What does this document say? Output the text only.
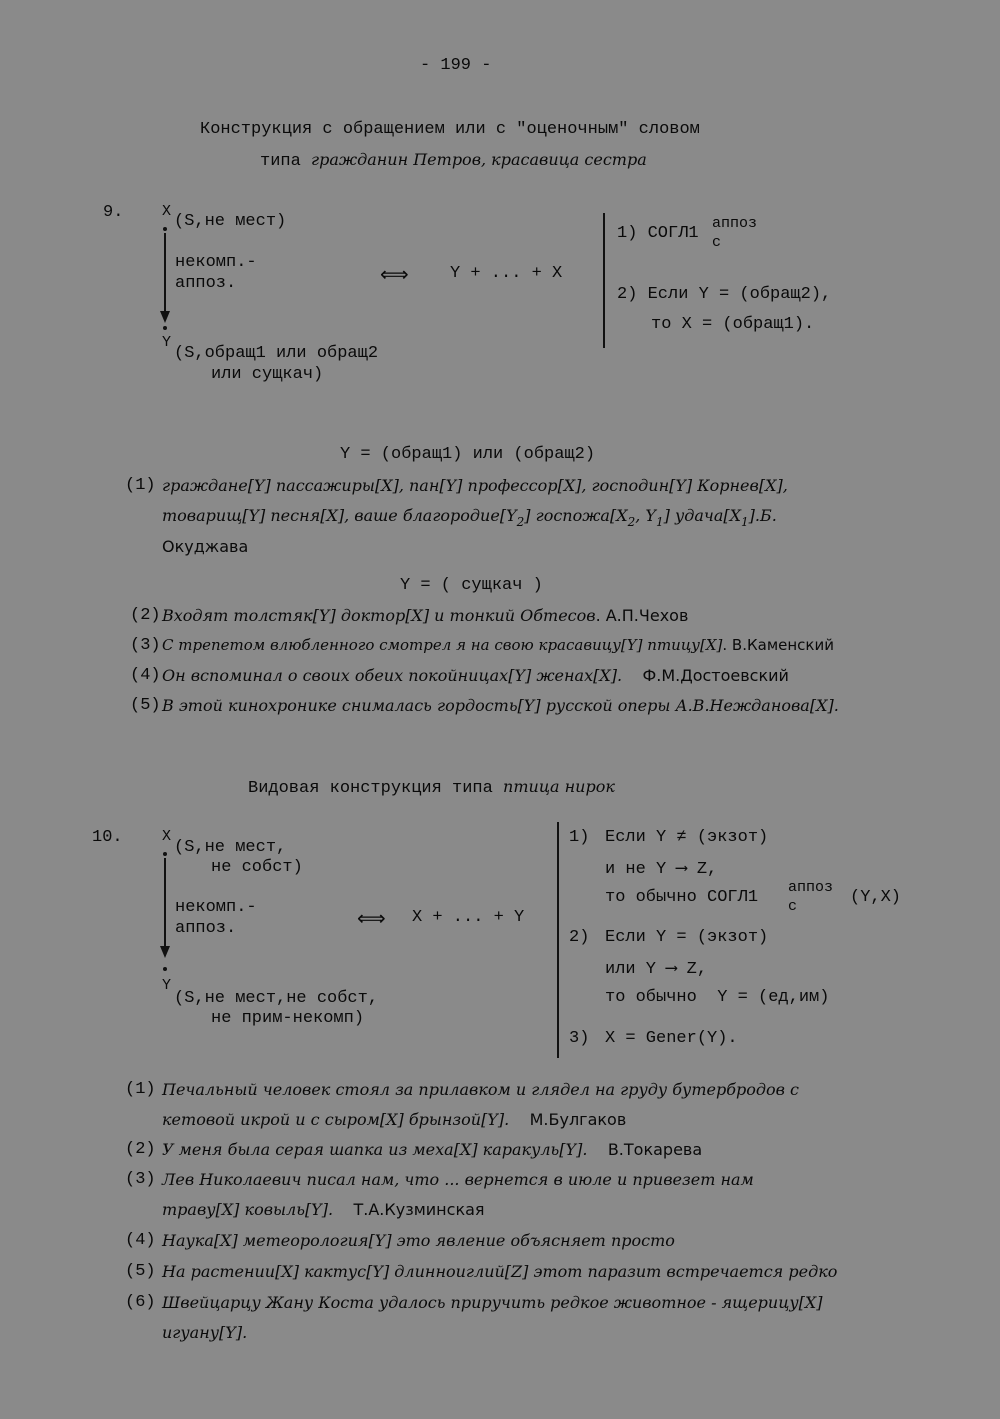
- 199 -
Конструкция с обращением или с "оценочным" словом
типа гражданин Петров, красавица сестра
9.	X
(S,не мест)
некомп.-
аппоз.
Y
(S,обращ1 или обращ2
или сущкач)
⟺ Y + ... + X
1) СОГЛ1
аппоз
с
2) Если Y = (обращ2),
то X = (обращ1).
Y = (обращ1) или (обращ2)
(1) граждане[Y] пассажиры[X], пан[Y] профессор[X], господин[Y] Корнев[X],
товарищ[Y] песня[X], ваше $благородие[Y_2]$ $госпожа[X_2$, $Y_1$] $удача[X_1].Б$.
Окуджава
Y = ( сущкач )
(2) Входят толстяк[Y] доктор[X] и тонкий Обтесов. А.П.Чехов
(3) С трепетом влюбленного смотрел я на свою красавицу[Y] птицу[X]. В.Каменский
(4) Он вспоминал о своих обеих покойницах[Y] женах[X]. Ф.М.Достоевский
(5) В этой кинохронике снималась гордость[Y] русской оперы А.В.Нежданова[X].
Видовая конструкция типа птица нирок
10.	X
(S,не мест,
не собст)
некомп.-
аппоз.
Y
(S,не мест,не собст,
не прим-некомп)
⟺ X + ... + Y
1) Если Y ≠ (экзот)
и не Y ⟶ Z,
то обычно СОГЛ1
аппоз
с	(Y,X)
2) Если Y = (экзот)
или Y ⟶ Z,
то обычно  Y = (ед,им)
3) X = Gener(Y).
(1) Печальный человек стоял за прилавком и глядел на груду бутербродов с
кетовой икрой и с сыром[X] брынзой[Y]. М.Булгаков
(2) У меня была серая шапка из меха[X] каракуль[Y]. В.Токарева
(3) Лев Николаевич писал нам, что ... вернется в июле и привезет нам
траву[X] ковыль[Y]. Т.А.Кузминская
(4) Наука[X] метеорология[Y] это явление объясняет просто
(5) На растении[X] кактус[Y] длинноиглий[Z] этот паразит встречается редко
(6) Швейцарцу Жану Коста удалось приручить редкое животное - ящерицу[X]
игуану[Y].
